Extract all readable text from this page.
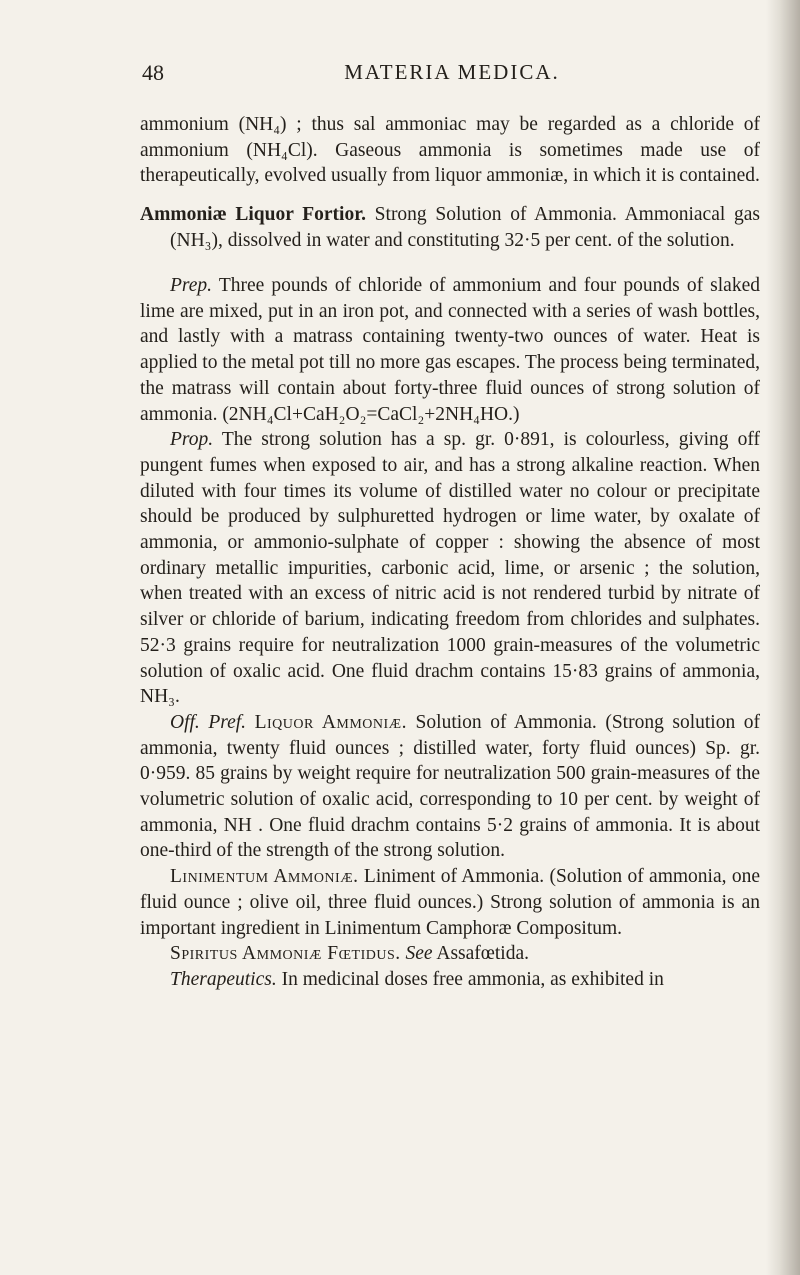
48	MATERIA MEDICA.

ammonium (NH₄) ; thus sal ammoniac may be regarded as a chloride of ammonium (NH₄Cl). Gaseous ammonia is sometimes made use of therapeutically, evolved usually from liquor ammoniæ, in which it is contained.

Ammoniæ Liquor Fortior. Strong Solution of Ammonia. Ammoniacal gas (NH₃), dissolved in water and constituting 32·5 per cent. of the solution.

Prep. Three pounds of chloride of ammonium and four pounds of slaked lime are mixed, put in an iron pot, and connected with a series of wash bottles, and lastly with a matrass containing twenty-two ounces of water. Heat is applied to the metal pot till no more gas escapes. The process being terminated, the matrass will contain about forty-three fluid ounces of strong solution of ammonia. (2NH₄Cl+CaH₂O₂=CaCl₂+2NH₄HO.)

Prop. The strong solution has a sp. gr. 0·891, is colourless, giving off pungent fumes when exposed to air, and has a strong alkaline reaction. When diluted with four times its volume of distilled water no colour or precipitate should be produced by sulphuretted hydrogen or lime water, by oxalate of ammonia, or ammonio-sulphate of copper : showing the absence of most ordinary metallic impurities, carbonic acid, lime, or arsenic ; the solution, when treated with an excess of nitric acid is not rendered turbid by nitrate of silver or chloride of barium, indicating freedom from chlorides and sulphates. 52·3 grains require for neutralization 1000 grain-measures of the volumetric solution of oxalic acid. One fluid drachm contains 15·83 grains of ammonia, NH₃.

Off. Pref. Liquor Ammoniæ. Solution of Ammonia. (Strong solution of ammonia, twenty fluid ounces ; distilled water, forty fluid ounces) Sp. gr. 0·959. 85 grains by weight require for neutralization 500 grain-measures of the volumetric solution of oxalic acid, corresponding to 10 per cent. by weight of ammonia, NH . One fluid drachm contains 5·2 grains of ammonia. It is about one-third of the strength of the strong solution.

Linimentum Ammoniæ. Liniment of Ammonia. (Solution of ammonia, one fluid ounce ; olive oil, three fluid ounces.) Strong solution of ammonia is an important ingredient in Linimentum Camphoræ Compositum.

Spiritus Ammoniæ Fœtidus. See Assafœtida.

Therapeutics. In medicinal doses free ammonia, as exhibited in
